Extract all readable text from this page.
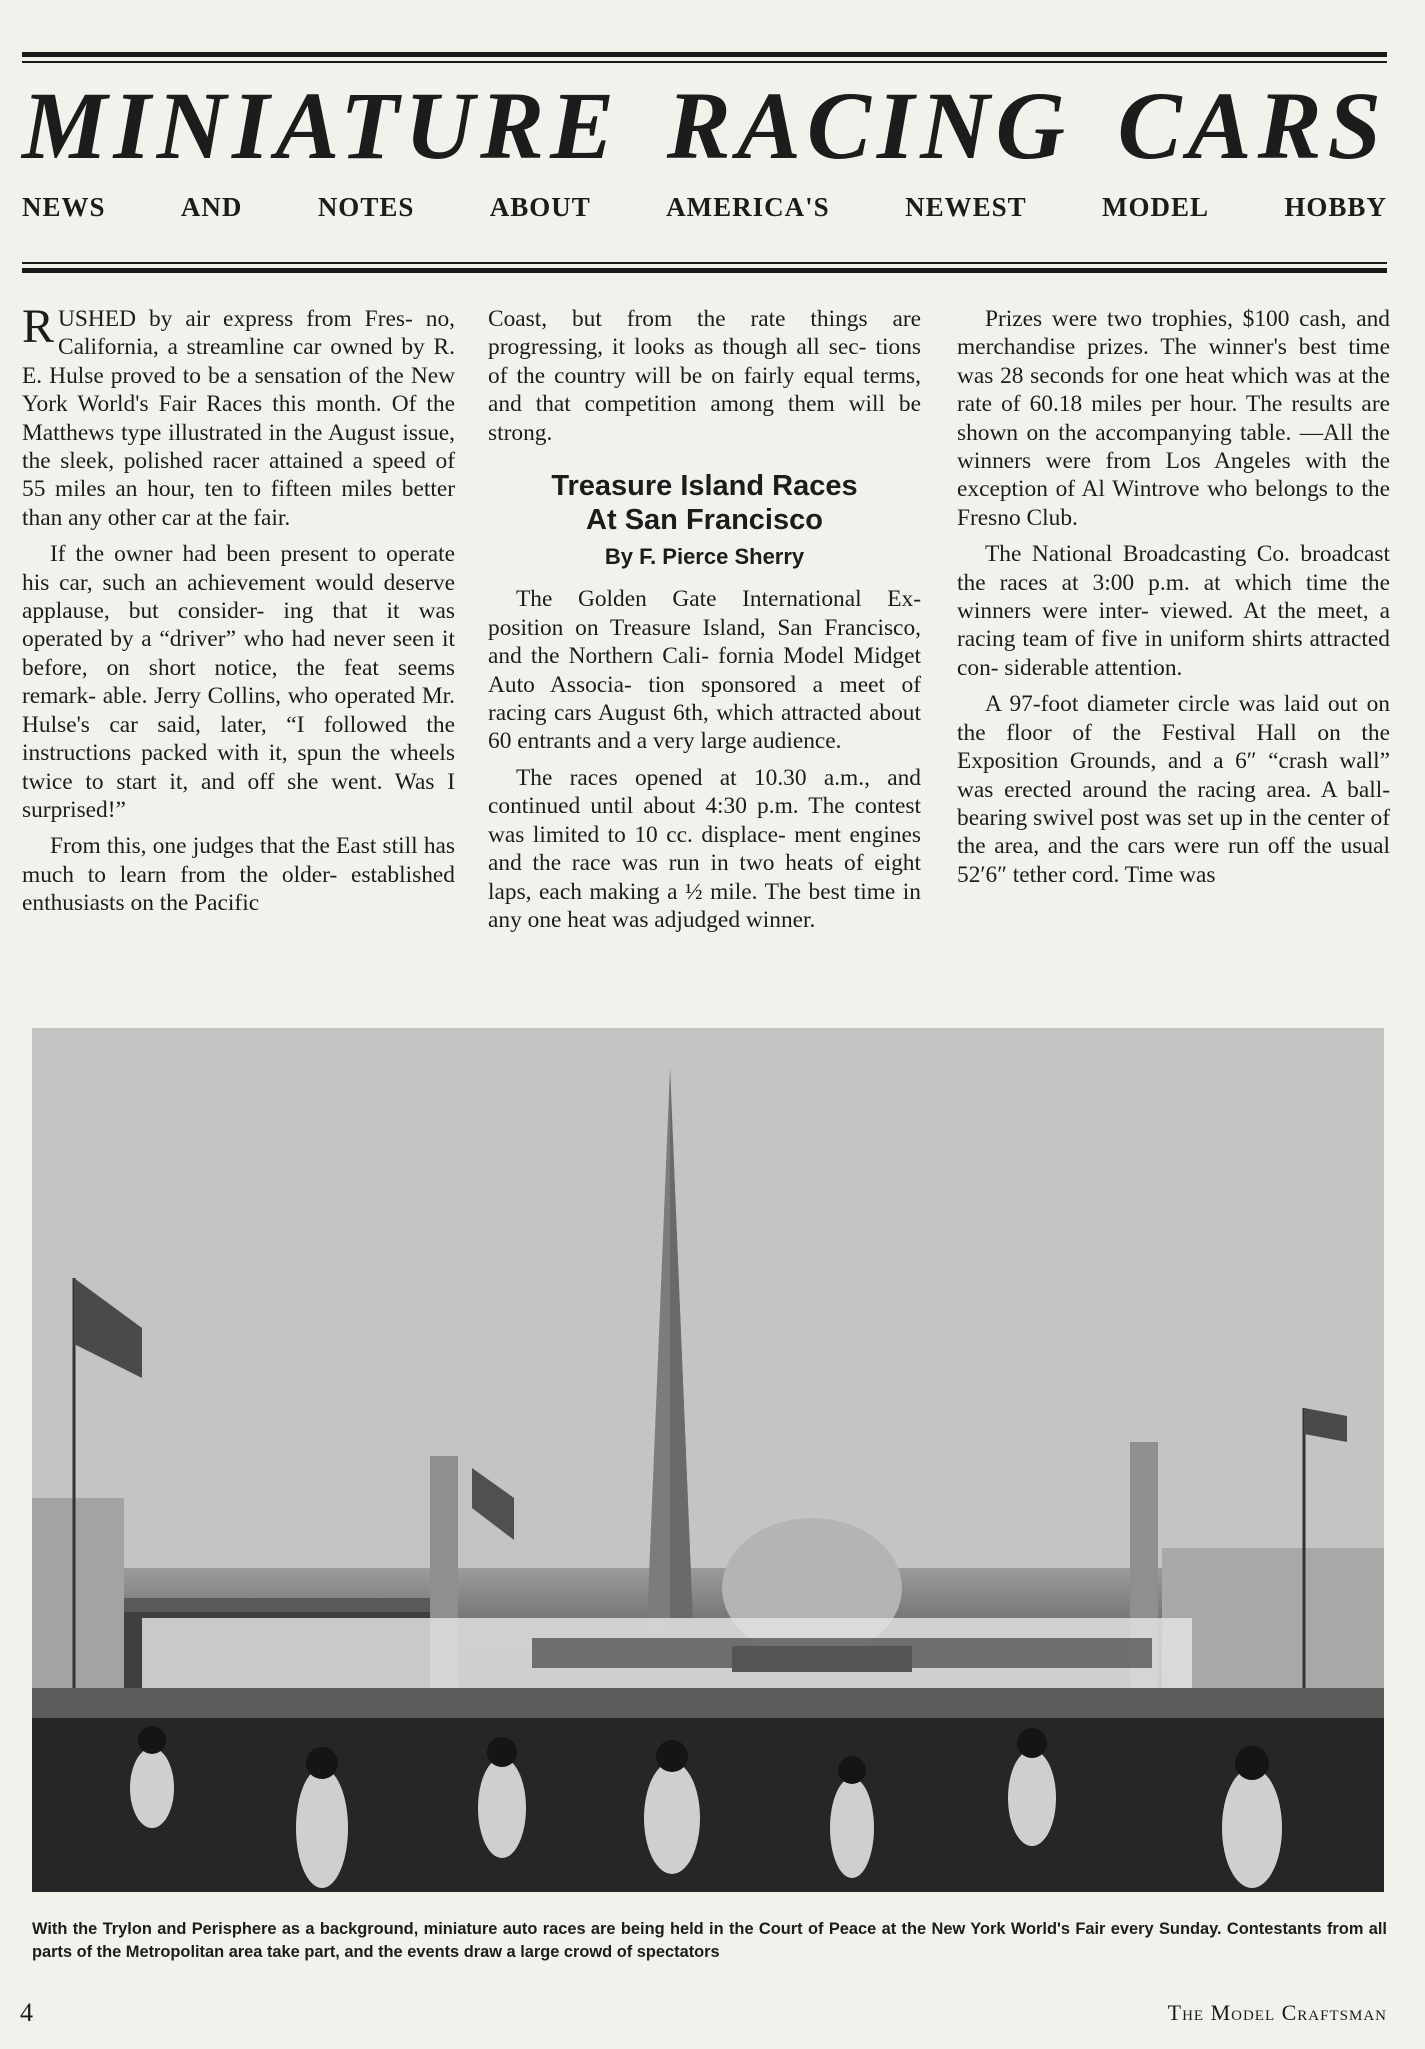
MINIATURE RACING CARS
NEWS	AND	NOTES	ABOUT	AMERICA'S	NEWEST	MODEL	HOBBY

RUSHED by air express from Fres- no, California, a streamline car owned by R. E. Hulse proved to be a sensation of the New York World's Fair Races this month. Of the Matthews type illustrated in the August issue, the sleek, polished racer attained a speed of 55 miles an hour, ten to fifteen miles better than any other car at the fair.

If the owner had been present to operate his car, such an achievement would deserve applause, but consider- ing that it was operated by a “driver” who had never seen it before, on short notice, the feat seems remark- able. Jerry Collins, who operated Mr. Hulse's car said, later, “I followed the instructions packed with it, spun the wheels twice to start it, and off she went. Was I surprised!”

From this, one judges that the East still has much to learn from the older- established enthusiasts on the Pacific

Coast, but from the rate things are progressing, it looks as though all sec- tions of the country will be on fairly equal terms, and that competition among them will be strong.

Treasure Island Races
At San Francisco
By F. Pierce Sherry

The Golden Gate International Ex- position on Treasure Island, San Francisco, and the Northern Cali- fornia Model Midget Auto Associa- tion sponsored a meet of racing cars August 6th, which attracted about 60 entrants and a very large audience.

The races opened at 10.30 a.m., and continued until about 4:30 p.m. The contest was limited to 10 cc. displace- ment engines and the race was run in two heats of eight laps, each making a ½ mile. The best time in any one heat was adjudged winner.

Prizes were two trophies, $100 cash, and merchandise prizes. The winner's best time was 28 seconds for one heat which was at the rate of 60.18 miles per hour. The results are shown on the accompanying table. —All the winners were from Los Angeles with the exception of Al Wintrove who belongs to the Fresno Club.

The National Broadcasting Co. broadcast the races at 3:00 p.m. at which time the winners were inter- viewed. At the meet, a racing team of five in uniform shirts attracted con- siderable attention.

A 97-foot diameter circle was laid out on the floor of the Festival Hall on the Exposition Grounds, and a 6″ “crash wall” was erected around the racing area. A ball-bearing swivel post was set up in the center of the area, and the cars were run off the usual 52′6″ tether cord. Time was

With the Trylon and Perisphere as a background, miniature auto races are being held in the Court of Peace at the New York World's Fair every Sunday. Contestants from all parts of the Metropolitan area take part, and the events draw a large crowd of spectators
4	The Model Craftsman
